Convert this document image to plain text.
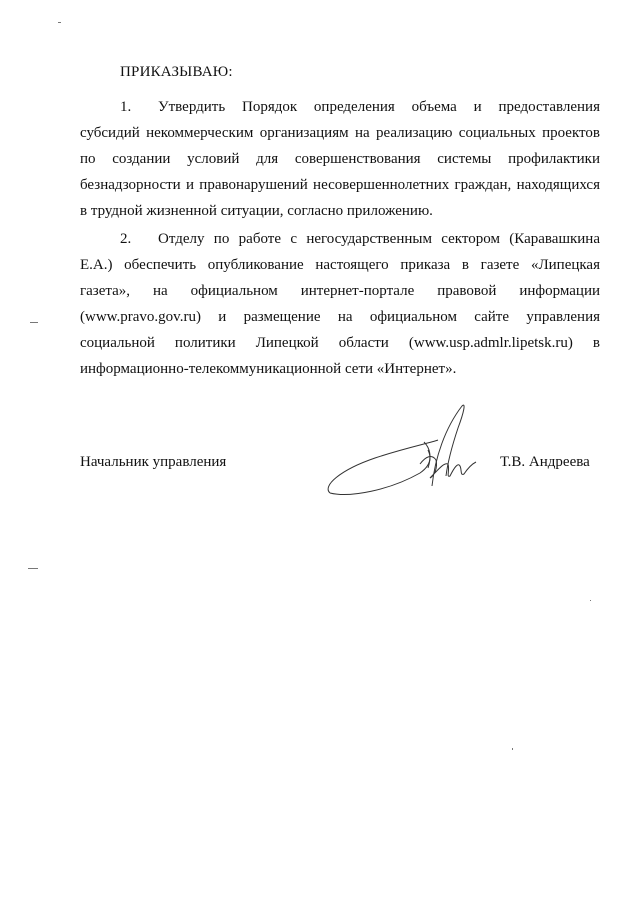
ПРИКАЗЫВАЮ:
1. Утвердить Порядок определения объема и предоставления
субсидий некоммерческим организациям на реализацию социальных проектов
по создании условий для совершенствования системы профилактики
безнадзорности и правонарушений несовершеннолетних граждан, находящихся
в трудной жизненной ситуации, согласно приложению.
2. Отделу по работе с негосударственным сектором (Каравашкина
Е.А.) обеспечить опубликование настоящего приказа в газете «Липецкая
газета», на официальном интернет-портале правовой информации
(www.pravo.gov.ru) и размещение на официальном сайте управления
социальной политики Липецкой области (www.usp.admlr.lipetsk.ru) в
информационно-телекоммуникационной сети «Интернет».
Начальник управления	Т.В. Андреева
